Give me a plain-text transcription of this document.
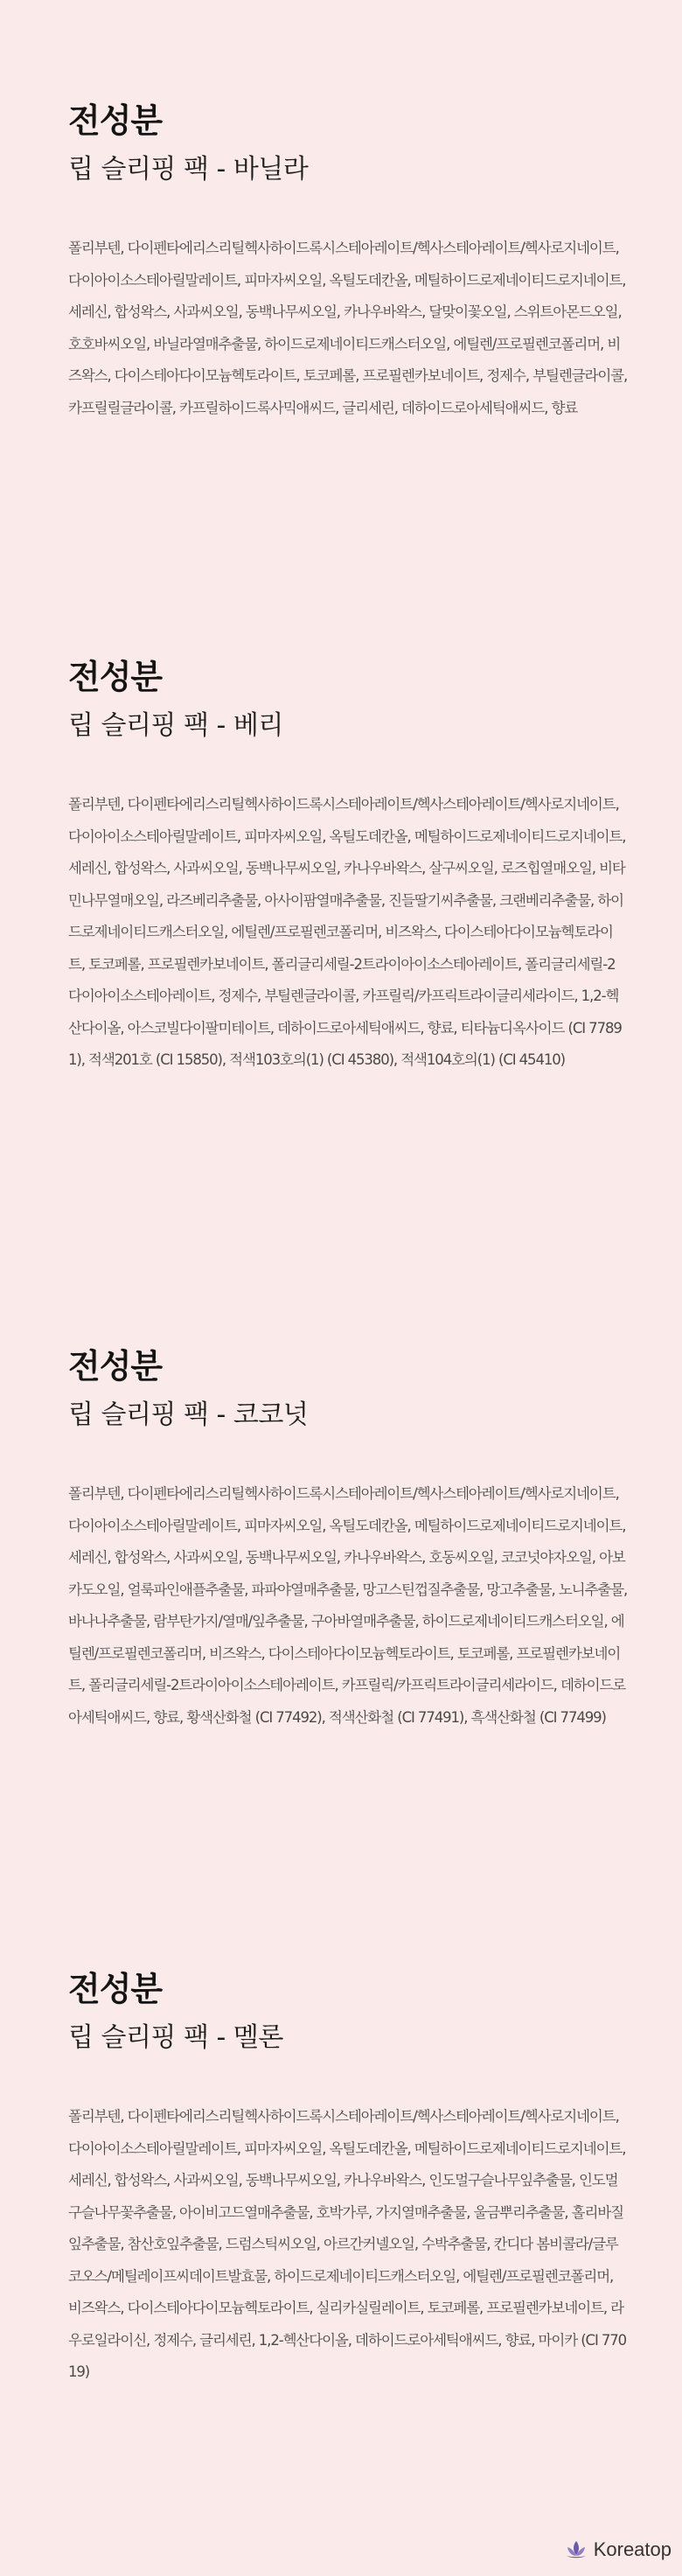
전성분
립 슬리핑 팩 - 바닐라

폴리부텐, 다이펜타에리스리틸헥사하이드록시스테아레이트/헥사스테아레이트/헥사로지네이트, 다이아이소스테아릴말레이트, 피마자씨오일, 옥틸도데칸올, 메틸하이드로제네이티드로지네이트, 세레신, 합성왁스, 사과씨오일, 동백나무씨오일, 카나우바왁스, 달맞이꽃오일, 스위트아몬드오일, 호호바씨오일, 바닐라열매추출물, 하이드로제네이티드캐스터오일, 에틸렌/프로필렌코폴리머, 비즈왁스, 다이스테아다이모늄헥토라이트, 토코페롤, 프로필렌카보네이트, 정제수, 부틸렌글라이콜, 카프릴릴글라이콜, 카프릴하이드록사믹애씨드, 글리세린, 데하이드로아세틱애씨드, 향료

전성분
립 슬리핑 팩 - 베리

폴리부텐, 다이펜타에리스리틸헥사하이드록시스테아레이트/헥사스테아레이트/헥사로지네이트, 다이아이소스테아릴말레이트, 피마자씨오일, 옥틸도데칸올, 메틸하이드로제네이티드로지네이트, 세레신, 합성왁스, 사과씨오일, 동백나무씨오일, 카나우바왁스, 살구씨오일, 로즈힙열매오일, 비타민나무열매오일, 라즈베리추출물, 아사이팜열매추출물, 진들딸기씨추출물, 크랜베리추출물, 하이드로제네이티드캐스터오일, 에틸렌/프로필렌코폴리머, 비즈왁스, 다이스테아다이모늄헥토라이트, 토코페롤, 프로필렌카보네이트, 폴리글리세릴-2트라이아이소스테아레이트, 폴리글리세릴-2다이아이소스테아레이트, 정제수, 부틸렌글라이콜, 카프릴릭/카프릭트라이글리세라이드, 1,2-헥산다이올, 아스코빌다이팔미테이트, 데하이드로아세틱애씨드, 향료, 티타늄디옥사이드 (CI 77891), 적색201호 (CI 15850), 적색103호의(1) (CI 45380), 적색104호의(1) (CI 45410)

전성분
립 슬리핑 팩 - 코코넛

폴리부텐, 다이펜타에리스리틸헥사하이드록시스테아레이트/헥사스테아레이트/헥사로지네이트, 다이아이소스테아릴말레이트, 피마자씨오일, 옥틸도데칸올, 메틸하이드로제네이티드로지네이트, 세레신, 합성왁스, 사과씨오일, 동백나무씨오일, 카나우바왁스, 호동씨오일, 코코넛야자오일, 아보카도오일, 얼룩파인애플추출물, 파파야열매추출물, 망고스틴껍질추출물, 망고추출물, 노니추출물, 바나나추출물, 람부탄가지/열매/잎추출물, 구아바열매추출물, 하이드로제네이티드캐스터오일, 에틸렌/프로필렌코폴리머, 비즈왁스, 다이스테아다이모늄헥토라이트, 토코페롤, 프로필렌카보네이트, 폴리글리세릴-2트라이아이소스테아레이트, 카프릴릭/카프릭트라이글리세라이드, 데하이드로아세틱애씨드, 향료, 황색산화철 (CI 77492), 적색산화철 (CI 77491), 흑색산화철 (CI 77499)

전성분
립 슬리핑 팩 - 멜론

폴리부텐, 다이펜타에리스리틸헥사하이드록시스테아레이트/헥사스테아레이트/헥사로지네이트, 다이아이소스테아릴말레이트, 피마자씨오일, 옥틸도데칸올, 메틸하이드로제네이티드로지네이트, 세레신, 합성왁스, 사과씨오일, 동백나무씨오일, 카나우바왁스, 인도멀구슬나무잎추출물, 인도멀구슬나무꽃추출물, 아이비고드열매추출물, 호박가루, 가지열매추출물, 울금뿌리추출물, 홀리바질잎추출물, 참산호잎추출물, 드럼스틱씨오일, 아르간커넬오일, 수박추출물, 칸디다 봄비콜라/글루코오스/메틸레이프씨데이트발효물, 하이드로제네이티드캐스터오일, 에틸렌/프로필렌코폴리머, 비즈왁스, 다이스테아다이모늄헥토라이트, 실리카실릴레이트, 토코페롤, 프로필렌카보네이트, 라우로일라이신, 정제수, 글리세린, 1,2-헥산다이올, 데하이드로아세틱애씨드, 향료, 마이카 (CI 77019)

Koreatop
